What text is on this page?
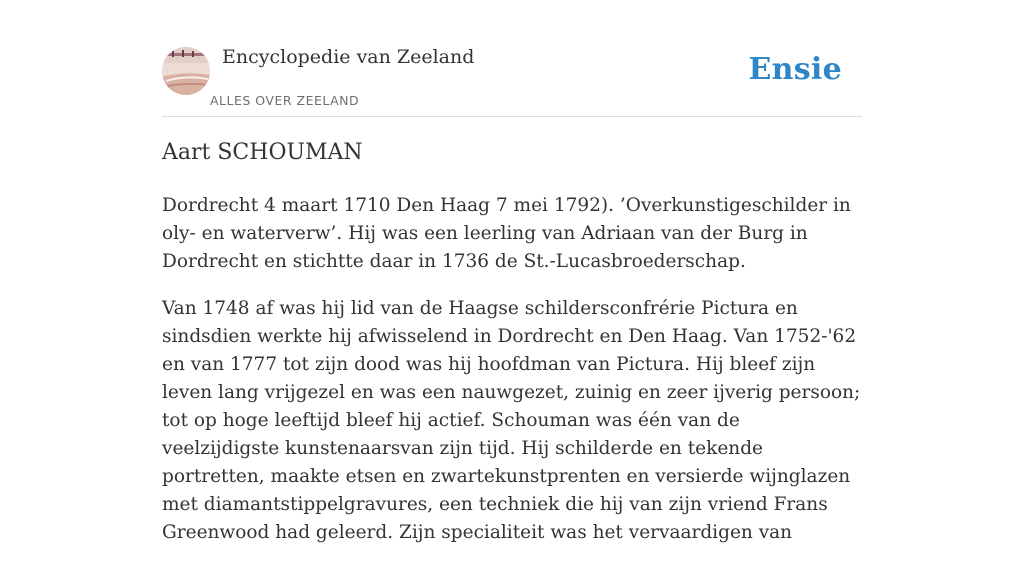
Encyclopedie van Zeeland
ALLES OVER ZEELAND
Ensie
Aart SCHOUMAN

Dordrecht 4 maart 1710 Den Haag 7 mei 1792). ’Overkunstigeschilder in oly- en waterverw’. Hij was een leerling van Adriaan van der Burg in Dordrecht en stichtte daar in 1736 de St.-Lucasbroederschap.

Van 1748 af was hij lid van de Haagse schildersconfrérie Pictura en sindsdien werkte hij afwisselend in Dordrecht en Den Haag. Van 1752-'62 en van 1777 tot zijn dood was hij hoofdman van Pictura. Hij bleef zijn leven lang vrijgezel en was een nauwgezet, zuinig en zeer ijverig persoon; tot op hoge leeftijd bleef hij actief. Schouman was één van de veelzijdigste kunstenaarsvan zijn tijd. Hij schilderde en tekende portretten, maakte etsen en zwartekunstprenten en versierde wijnglazen met diamantstippelgravures, een techniek die hij van zijn vriend Frans Greenwood had geleerd. Zijn specialiteit was het vervaardigen van
